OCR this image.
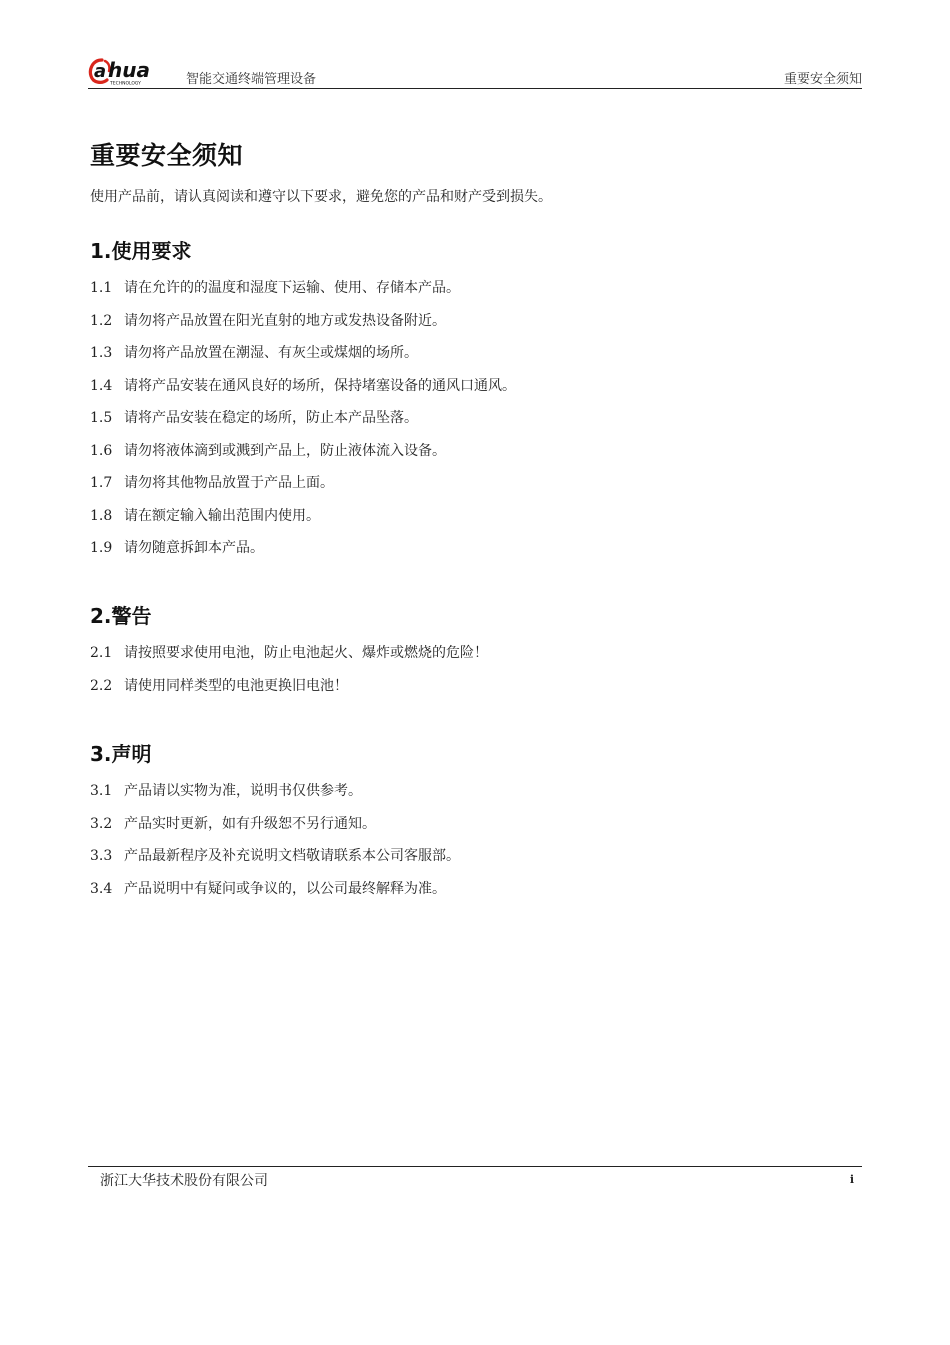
a hua
TECHNOLOGY	智能交通终端管理设备	重要安全须知
重要安全须知
使用产品前，请认真阅读和遵守以下要求，避免您的产品和财产受到损失。
1.使用要求
1.1 请在允许的的温度和湿度下运输、使用、存储本产品。
1.2 请勿将产品放置在阳光直射的地方或发热设备附近。
1.3 请勿将产品放置在潮湿、有灰尘或煤烟的场所。
1.4 请将产品安装在通风良好的场所，保持堵塞设备的通风口通风。
1.5 请将产品安装在稳定的场所，防止本产品坠落。
1.6 请勿将液体滴到或溅到产品上，防止液体流入设备。
1.7 请勿将其他物品放置于产品上面。
1.8 请在额定输入输出范围内使用。
1.9 请勿随意拆卸本产品。
2.警告
2.1 请按照要求使用电池，防止电池起火、爆炸或燃烧的危险！
2.2 请使用同样类型的电池更换旧电池！
3.声明
3.1 产品请以实物为准，说明书仅供参考。
3.2 产品实时更新，如有升级恕不另行通知。
3.3 产品最新程序及补充说明文档敬请联系本公司客服部。
3.4 产品说明中有疑问或争议的，以公司最终解释为准。
浙江大华技术股份有限公司	i
